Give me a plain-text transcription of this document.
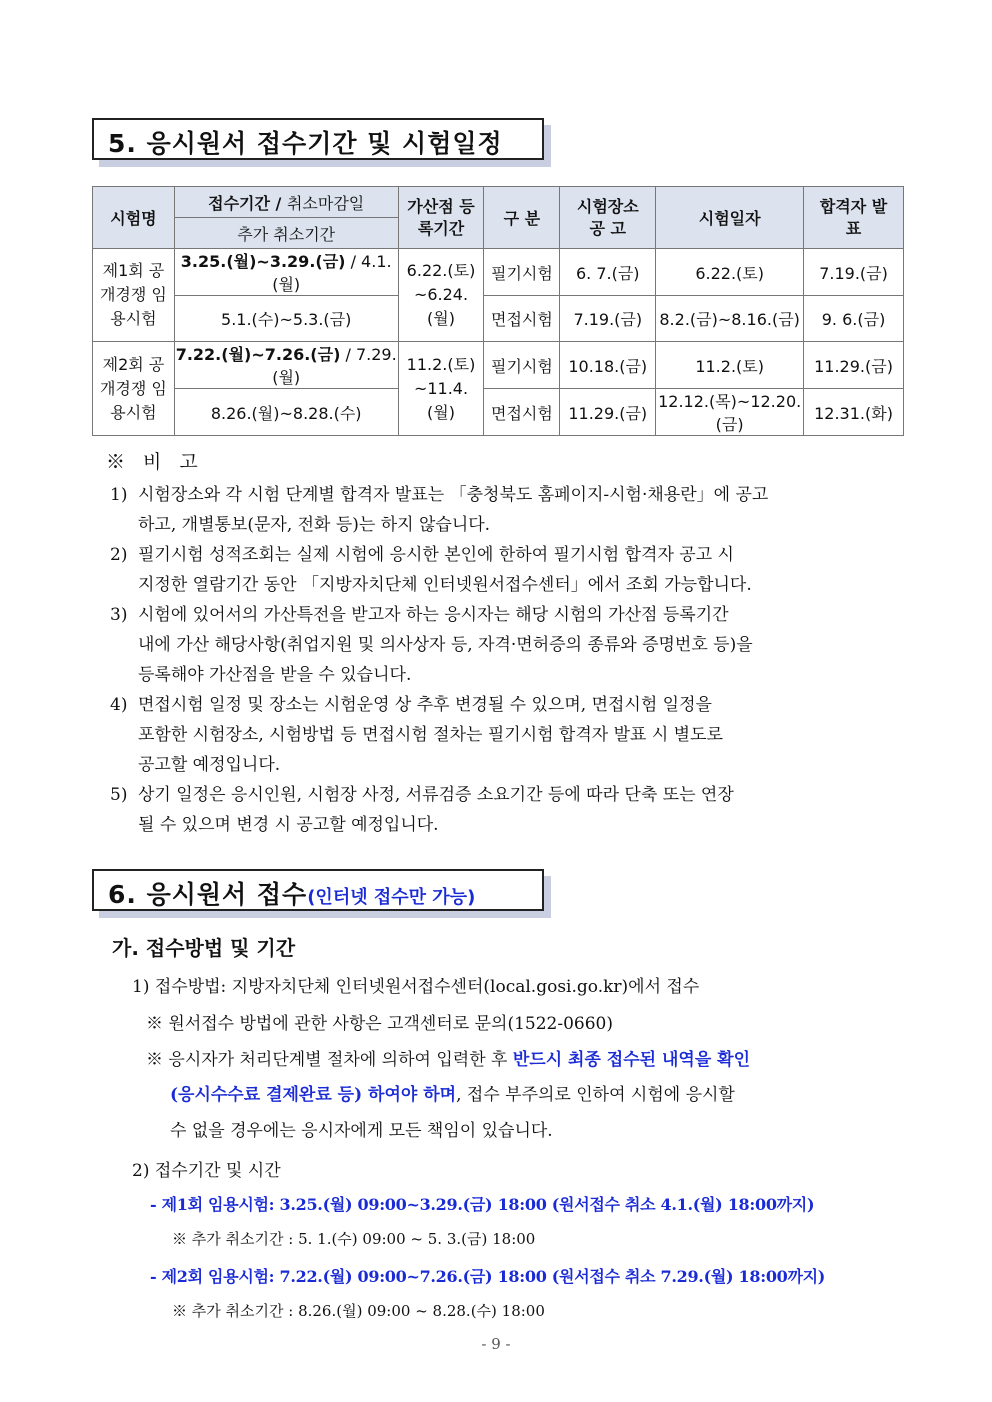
5. 응시원서 접수기간 및 시험일정
시험명	접수기간 / 취소마감일	가산점 등록기간	구 분	시험장소 공 고	시험일자	합격자 발 표
	추가 취소기간					
제1회 공개경쟁 임용시험	3.25.(월)~3.29.(금) / 4.1.(월)	6.22.(토) ~6.24.(월)	필기시험	6. 7.(금)	6.22.(토)	7.19.(금)
	5.1.(수)~5.3.(금)		면접시험	7.19.(금)	8.2.(금)~8.16.(금)	9. 6.(금)
제2회 공개경쟁 임용시험	7.22.(월)~7.26.(금) / 7.29.(월)	11.2.(토) ~11.4.(월)	필기시험	10.18.(금)	11.2.(토)	11.29.(금)
	8.26.(월)~8.28.(수)		면접시험	11.29.(금)	12.12.(목)~12.20.(금)	12.31.(화)
※ 비 고
1) 시험장소와 각 시험 단계별 합격자 발표는 「충청북도 홈페이지-시험·채용란」에 공고
하고, 개별통보(문자, 전화 등)는 하지 않습니다.
2) 필기시험 성적조회는 실제 시험에 응시한 본인에 한하여 필기시험 합격자 공고 시
지정한 열람기간 동안 「지방자치단체 인터넷원서접수센터」에서 조회 가능합니다.
3) 시험에 있어서의 가산특전을 받고자 하는 응시자는 해당 시험의 가산점 등록기간
내에 가산 해당사항(취업지원 및 의사상자 등, 자격·면허증의 종류와 증명번호 등)을
등록해야 가산점을 받을 수 있습니다.
4) 면접시험 일정 및 장소는 시험운영 상 추후 변경될 수 있으며, 면접시험 일정을
포함한 시험장소, 시험방법 등 면접시험 절차는 필기시험 합격자 발표 시 별도로
공고할 예정입니다.
5) 상기 일정은 응시인원, 시험장 사정, 서류검증 소요기간 등에 따라 단축 또는 연장
될 수 있으며 변경 시 공고할 예정입니다.
6. 응시원서 접수(인터넷 접수만 가능)
가. 접수방법 및 기간
1) 접수방법: 지방자치단체 인터넷원서접수센터(local.gosi.go.kr)에서 접수
※ 원서접수 방법에 관한 사항은 고객센터로 문의(1522-0660)
※ 응시자가 처리단계별 절차에 의하여 입력한 후 반드시 최종 접수된 내역을 확인
(응시수수료 결제완료 등) 하여야 하며, 접수 부주의로 인하여 시험에 응시할
수 없을 경우에는 응시자에게 모든 책임이 있습니다.
2) 접수기간 및 시간
- 제1회 임용시험: 3.25.(월) 09:00~3.29.(금) 18:00 (원서접수 취소 4.1.(월) 18:00까지)
※ 추가 취소기간 : 5. 1.(수) 09:00 ~ 5. 3.(금) 18:00
- 제2회 임용시험: 7.22.(월) 09:00~7.26.(금) 18:00 (원서접수 취소 7.29.(월) 18:00까지)
※ 추가 취소기간 : 8.26.(월) 09:00 ~ 8.28.(수) 18:00
- 9 -
